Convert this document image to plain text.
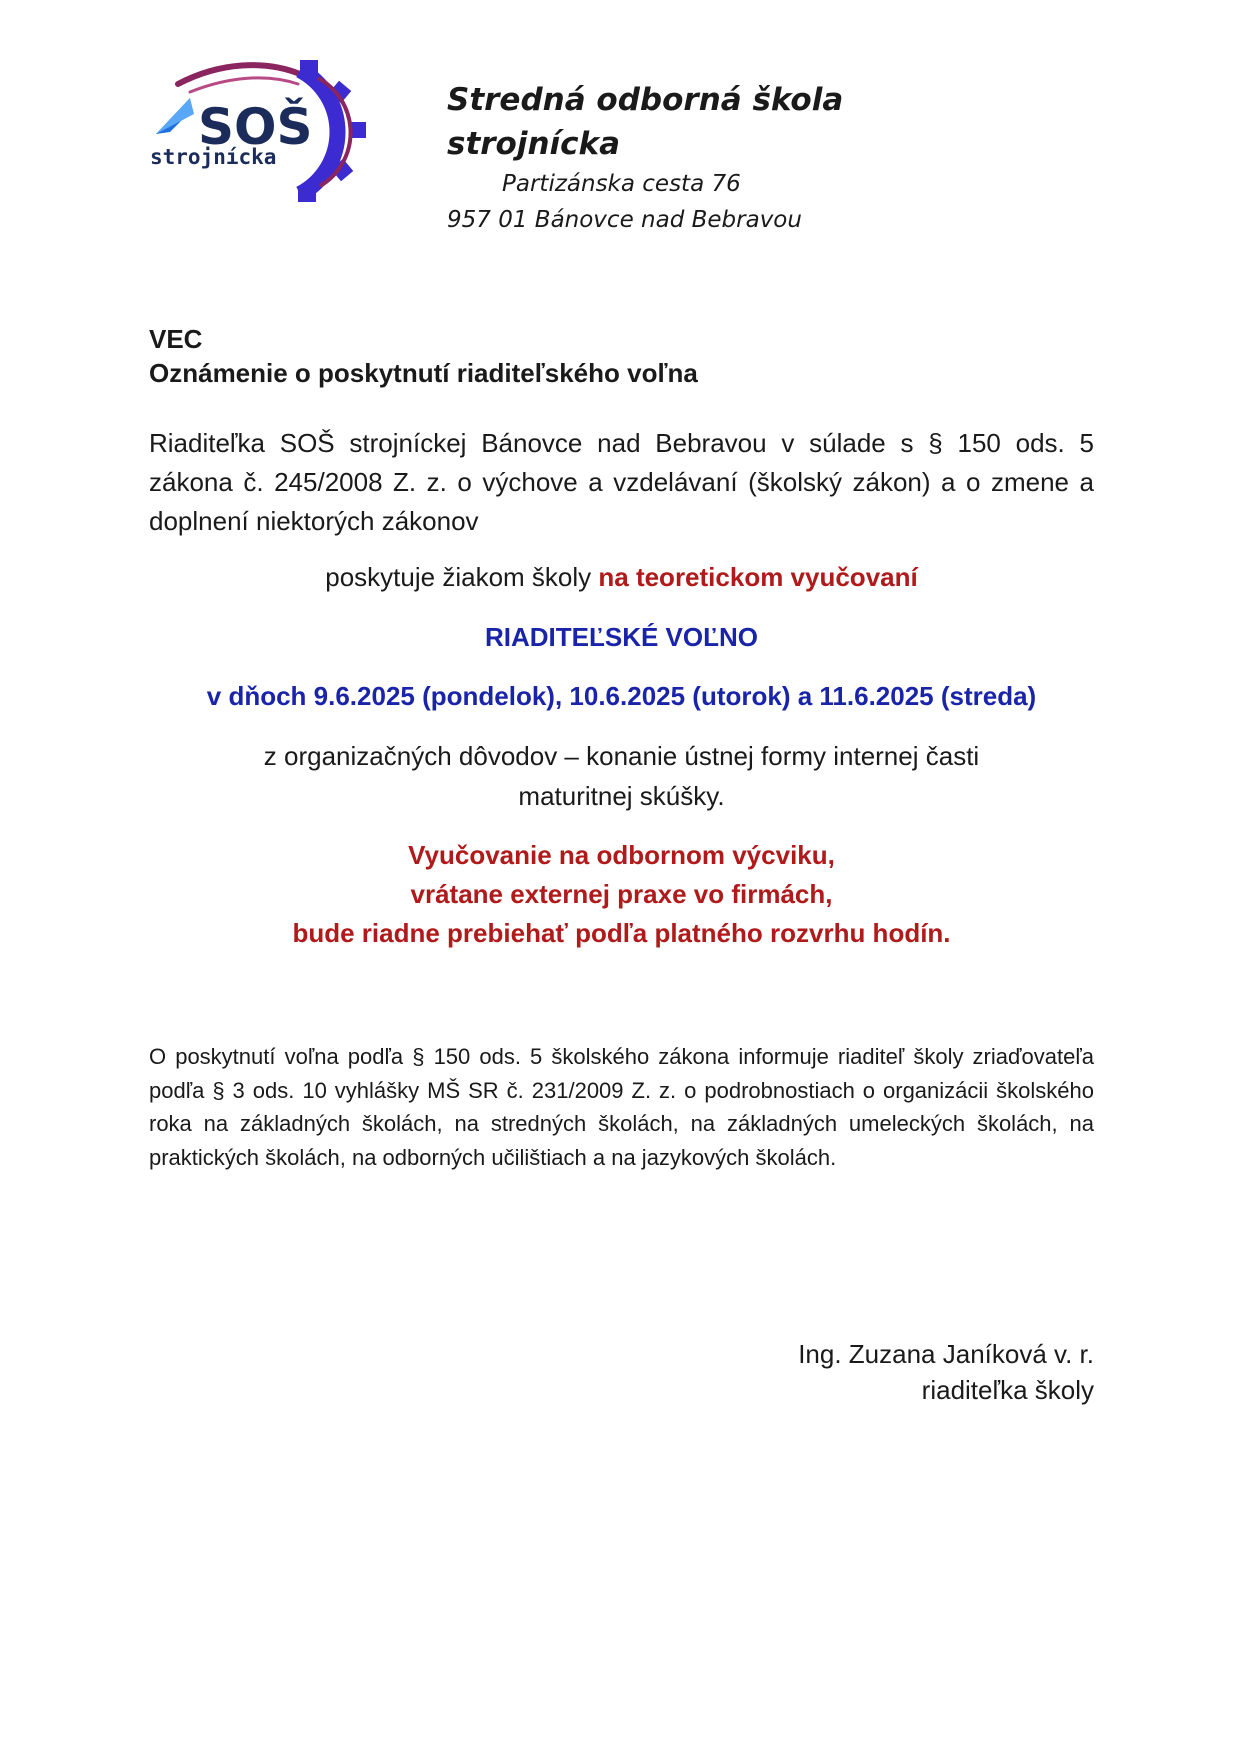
SOŠ
strojnícka
Stredná odborná škola strojnícka
Partizánska cesta 76
957 01 Bánovce nad Bebravou
VEC
Oznámenie o poskytnutí riaditeľského voľna
Riaditeľka SOŠ strojníckej Bánovce nad Bebravou v súlade s § 150 ods. 5 zákona č. 245/2008 Z. z. o výchove a vzdelávaní (školský zákon) a o zmene a doplnení niektorých zákonov
poskytuje žiakom školy na teoretickom vyučovaní
RIADITEĽSKÉ VOĽNO
v dňoch 9.6.2025 (pondelok), 10.6.2025 (utorok) a 11.6.2025 (streda)
z organizačných dôvodov – konanie ústnej formy internej časti
maturitnej skúšky.
Vyučovanie na odbornom výcviku,
vrátane externej praxe vo firmách,
bude riadne prebiehať podľa platného rozvrhu hodín.
O poskytnutí voľna podľa § 150 ods. 5 školského zákona informuje riaditeľ školy zriaďovateľa podľa § 3 ods. 10 vyhlášky MŠ SR č. 231/2009 Z. z. o podrobnostiach o organizácii školského roka na základných školách, na stredných školách, na základných umeleckých školách, na praktických školách, na odborných učilištiach a na jazykových školách.
Ing. Zuzana Janíková v. r.
riaditeľka školy
